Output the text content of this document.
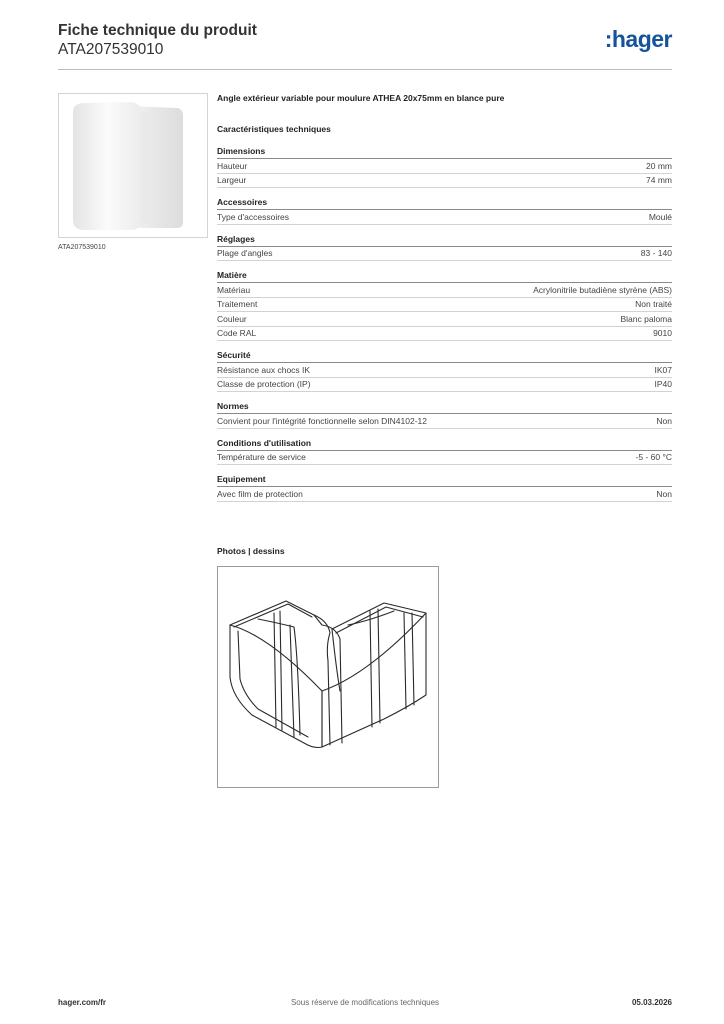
Fiche technique du produit
ATA207539010	:hager
ATA207539010
Angle extérieur variable pour moulure ATHEA 20x75mm en blance pure
Caractéristiques techniques
Dimensions
Hauteur	20 mm
Largeur	74 mm
Accessoires
Type d'accessoires	Moulé
Réglages
Plage d'angles	83 - 140
Matière
Matériau	Acrylonitrile butadiène styrène (ABS)
Traitement	Non traité
Couleur	Blanc paloma
Code RAL	9010
Sécurité
Résistance aux chocs IK	IK07
Classe de protection (IP)	IP40
Normes
Convient pour l'intégrité fonctionnelle selon DIN4102-12	Non
Conditions d'utilisation
Température de service	-5 - 60 °C
Equipement
Avec film de protection	Non
Photos | dessins
hager.com/fr	Sous réserve de modifications techniques	05.03.2026
